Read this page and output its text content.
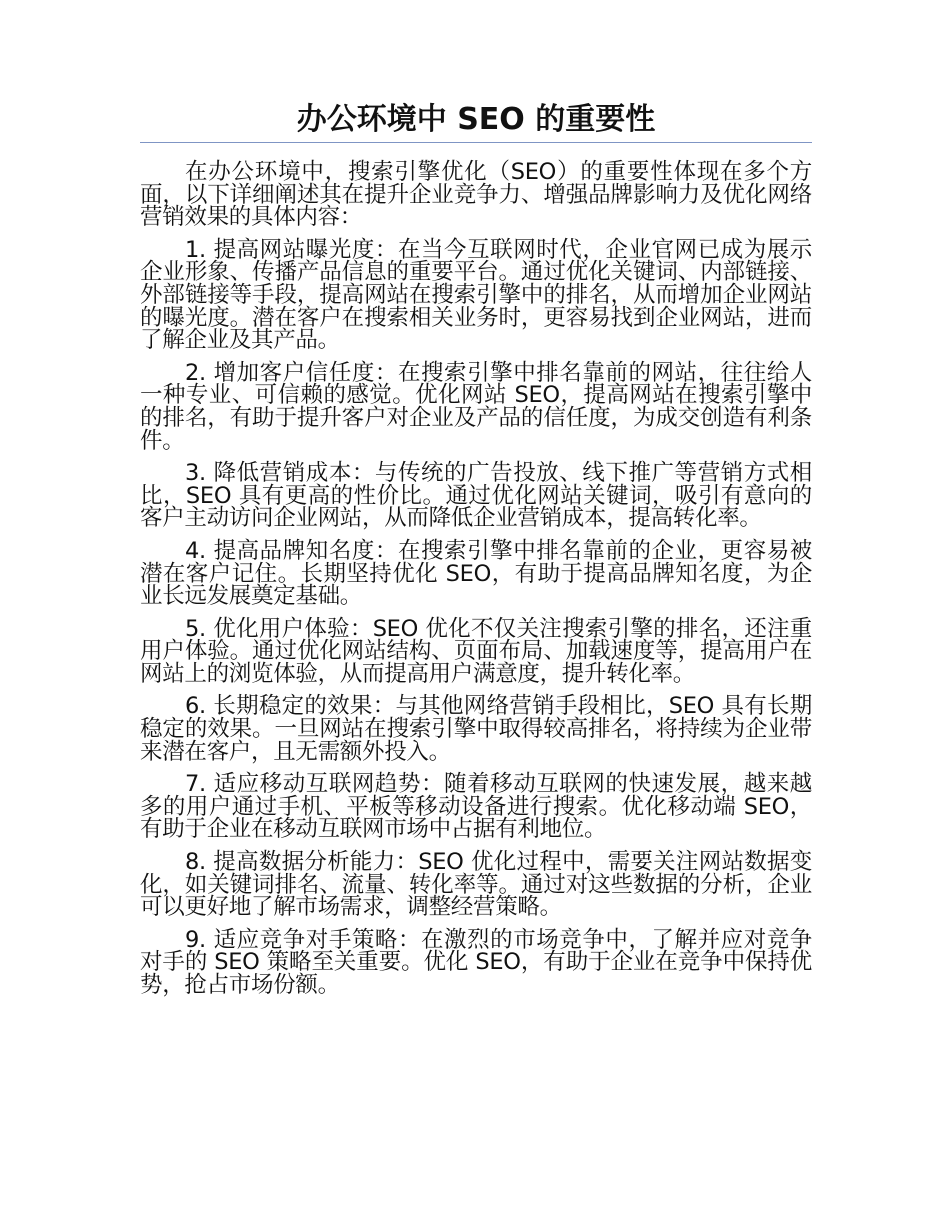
办公环境中 SEO 的重要性

在办公环境中，搜索引擎优化（SEO）的重要性体现在多个方面，以下详细阐述其在提升企业竞争力、增强品牌影响力及优化网络营销效果的具体内容：

1. 提高网站曝光度：在当今互联网时代，企业官网已成为展示企业形象、传播产品信息的重要平台。通过优化关键词、内部链接、外部链接等手段，提高网站在搜索引擎中的排名，从而增加企业网站的曝光度。潜在客户在搜索相关业务时，更容易找到企业网站，进而了解企业及其产品。

2. 增加客户信任度：在搜索引擎中排名靠前的网站，往往给人一种专业、可信赖的感觉。优化网站 SEO，提高网站在搜索引擎中的排名，有助于提升客户对企业及产品的信任度，为成交创造有利条件。

3. 降低营销成本：与传统的广告投放、线下推广等营销方式相比，SEO 具有更高的性价比。通过优化网站关键词，吸引有意向的客户主动访问企业网站，从而降低企业营销成本，提高转化率。

4. 提高品牌知名度：在搜索引擎中排名靠前的企业，更容易被潜在客户记住。长期坚持优化 SEO，有助于提高品牌知名度，为企业长远发展奠定基础。

5. 优化用户体验：SEO 优化不仅关注搜索引擎的排名，还注重用户体验。通过优化网站结构、页面布局、加载速度等，提高用户在网站上的浏览体验，从而提高用户满意度，提升转化率。

6. 长期稳定的效果：与其他网络营销手段相比，SEO 具有长期稳定的效果。一旦网站在搜索引擎中取得较高排名，将持续为企业带来潜在客户，且无需额外投入。

7. 适应移动互联网趋势：随着移动互联网的快速发展，越来越多的用户通过手机、平板等移动设备进行搜索。优化移动端 SEO，有助于企业在移动互联网市场中占据有利地位。

8. 提高数据分析能力：SEO 优化过程中，需要关注网站数据变化，如关键词排名、流量、转化率等。通过对这些数据的分析，企业可以更好地了解市场需求，调整经营策略。

9. 适应竞争对手策略：在激烈的市场竞争中，了解并应对竞争对手的 SEO 策略至关重要。优化 SEO，有助于企业在竞争中保持优势，抢占市场份额。
